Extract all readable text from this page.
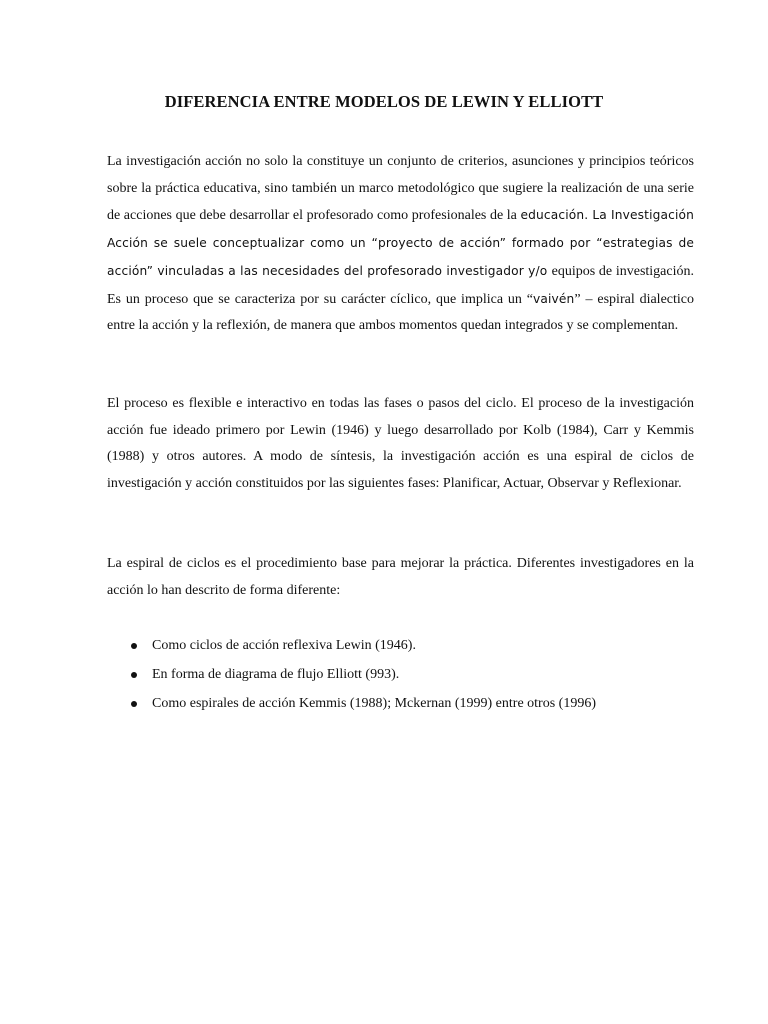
DIFERENCIA ENTRE MODELOS DE LEWIN Y ELLIOTT

La investigación acción no solo la constituye un conjunto de criterios, asunciones y principios teóricos sobre la práctica educativa, sino también un marco metodológico que sugiere la realización de una serie de acciones que debe desarrollar el profesorado como profesionales de la educación. La Investigación Acción se suele conceptualizar como un “proyecto de acción” formado por “estrategias de acción” vinculadas a las necesidades del profesorado investigador y/o equipos de investigación. Es un proceso que se caracteriza por su carácter cíclico, que implica un “vaivén” – espiral dialectico entre la acción y la reflexión, de manera que ambos momentos quedan integrados y se complementan.

El proceso es flexible e interactivo en todas las fases o pasos del ciclo. El proceso de la investigación acción fue ideado primero por Lewin (1946) y luego desarrollado por Kolb (1984), Carr y Kemmis (1988) y otros autores. A modo de síntesis, la investigación acción es una espiral de ciclos de investigación y acción constituidos por las siguientes fases: Planificar, Actuar, Observar y Reflexionar.

La espiral de ciclos es el procedimiento base para mejorar la práctica. Diferentes investigadores en la acción lo han descrito de forma diferente:

Como ciclos de acción reflexiva Lewin (1946).
En forma de diagrama de flujo Elliott (993).
Como espirales de acción Kemmis (1988); Mckernan (1999) entre otros (1996)
